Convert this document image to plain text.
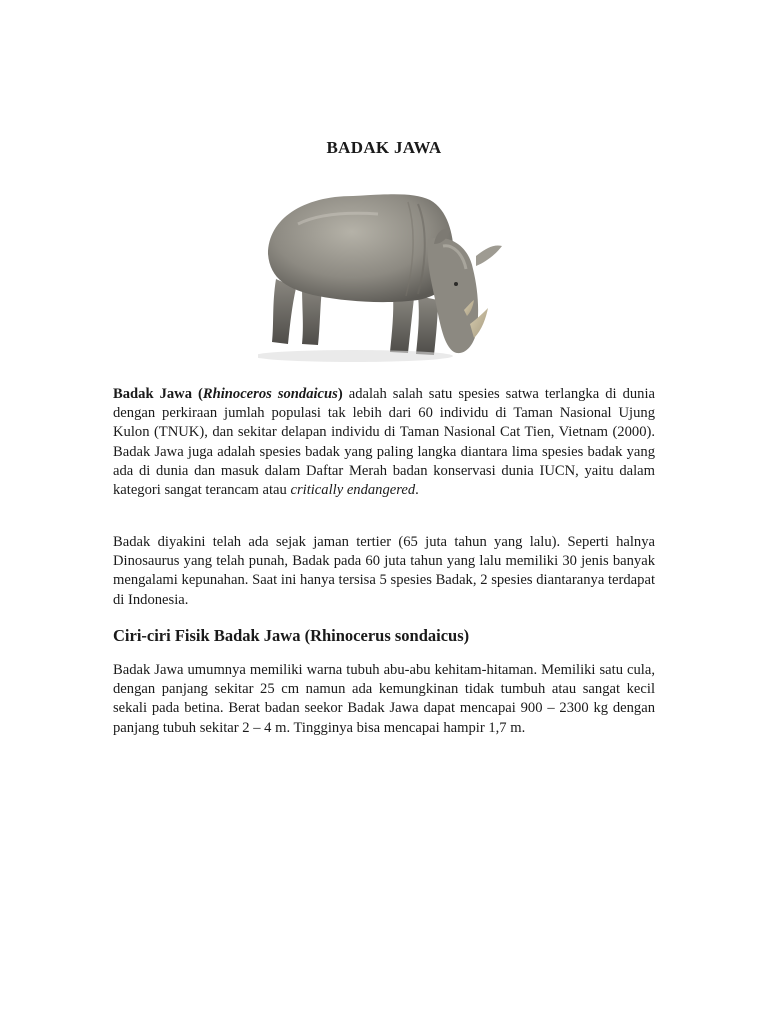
BADAK JAWA

Badak Jawa (Rhinoceros sondaicus) adalah salah satu spesies satwa terlangka di dunia dengan perkiraan jumlah populasi tak lebih dari 60 individu di Taman Nasional Ujung Kulon (TNUK), dan sekitar delapan individu di Taman Nasional Cat Tien, Vietnam (2000). Badak Jawa juga adalah spesies badak yang paling langka diantara lima spesies badak yang ada di dunia dan masuk dalam Daftar Merah badan konservasi dunia IUCN, yaitu dalam kategori sangat terancam atau critically endangered.

Badak diyakini telah ada sejak jaman tertier (65 juta tahun yang lalu). Seperti halnya Dinosaurus yang telah punah, Badak pada 60 juta tahun yang lalu memiliki 30 jenis banyak mengalami kepunahan. Saat ini hanya tersisa 5 spesies Badak, 2 spesies diantaranya terdapat di Indonesia.

Ciri-ciri Fisik Badak Jawa (Rhinocerus sondaicus)

Badak Jawa umumnya memiliki warna tubuh abu-abu kehitam-hitaman. Memiliki satu cula, dengan panjang sekitar 25 cm namun ada kemungkinan tidak tumbuh atau sangat kecil sekali pada betina. Berat badan seekor Badak Jawa dapat mencapai 900 – 2300 kg dengan panjang tubuh sekitar 2 – 4 m. Tingginya bisa mencapai hampir 1,7 m.
